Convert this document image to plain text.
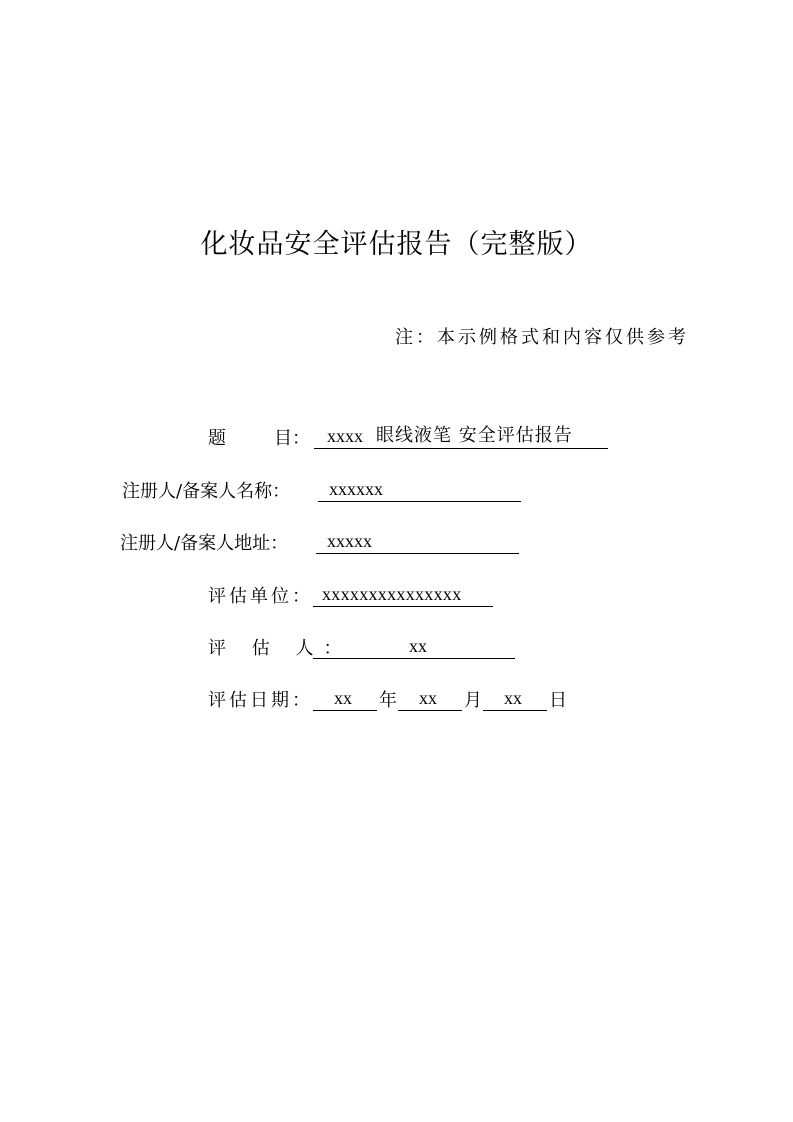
化妆品安全评估报告（完整版）
注：本示例格式和内容仅供参考
题	目： xxxx 眼线液笔 安全评估报告
注册人/备案人名称： xxxxxx
注册人/备案人地址： xxxxx
评估单位： xxxxxxxxxxxxxxx
评 估 人：	xx
评估日期： xx 年 xx 月 xx 日
